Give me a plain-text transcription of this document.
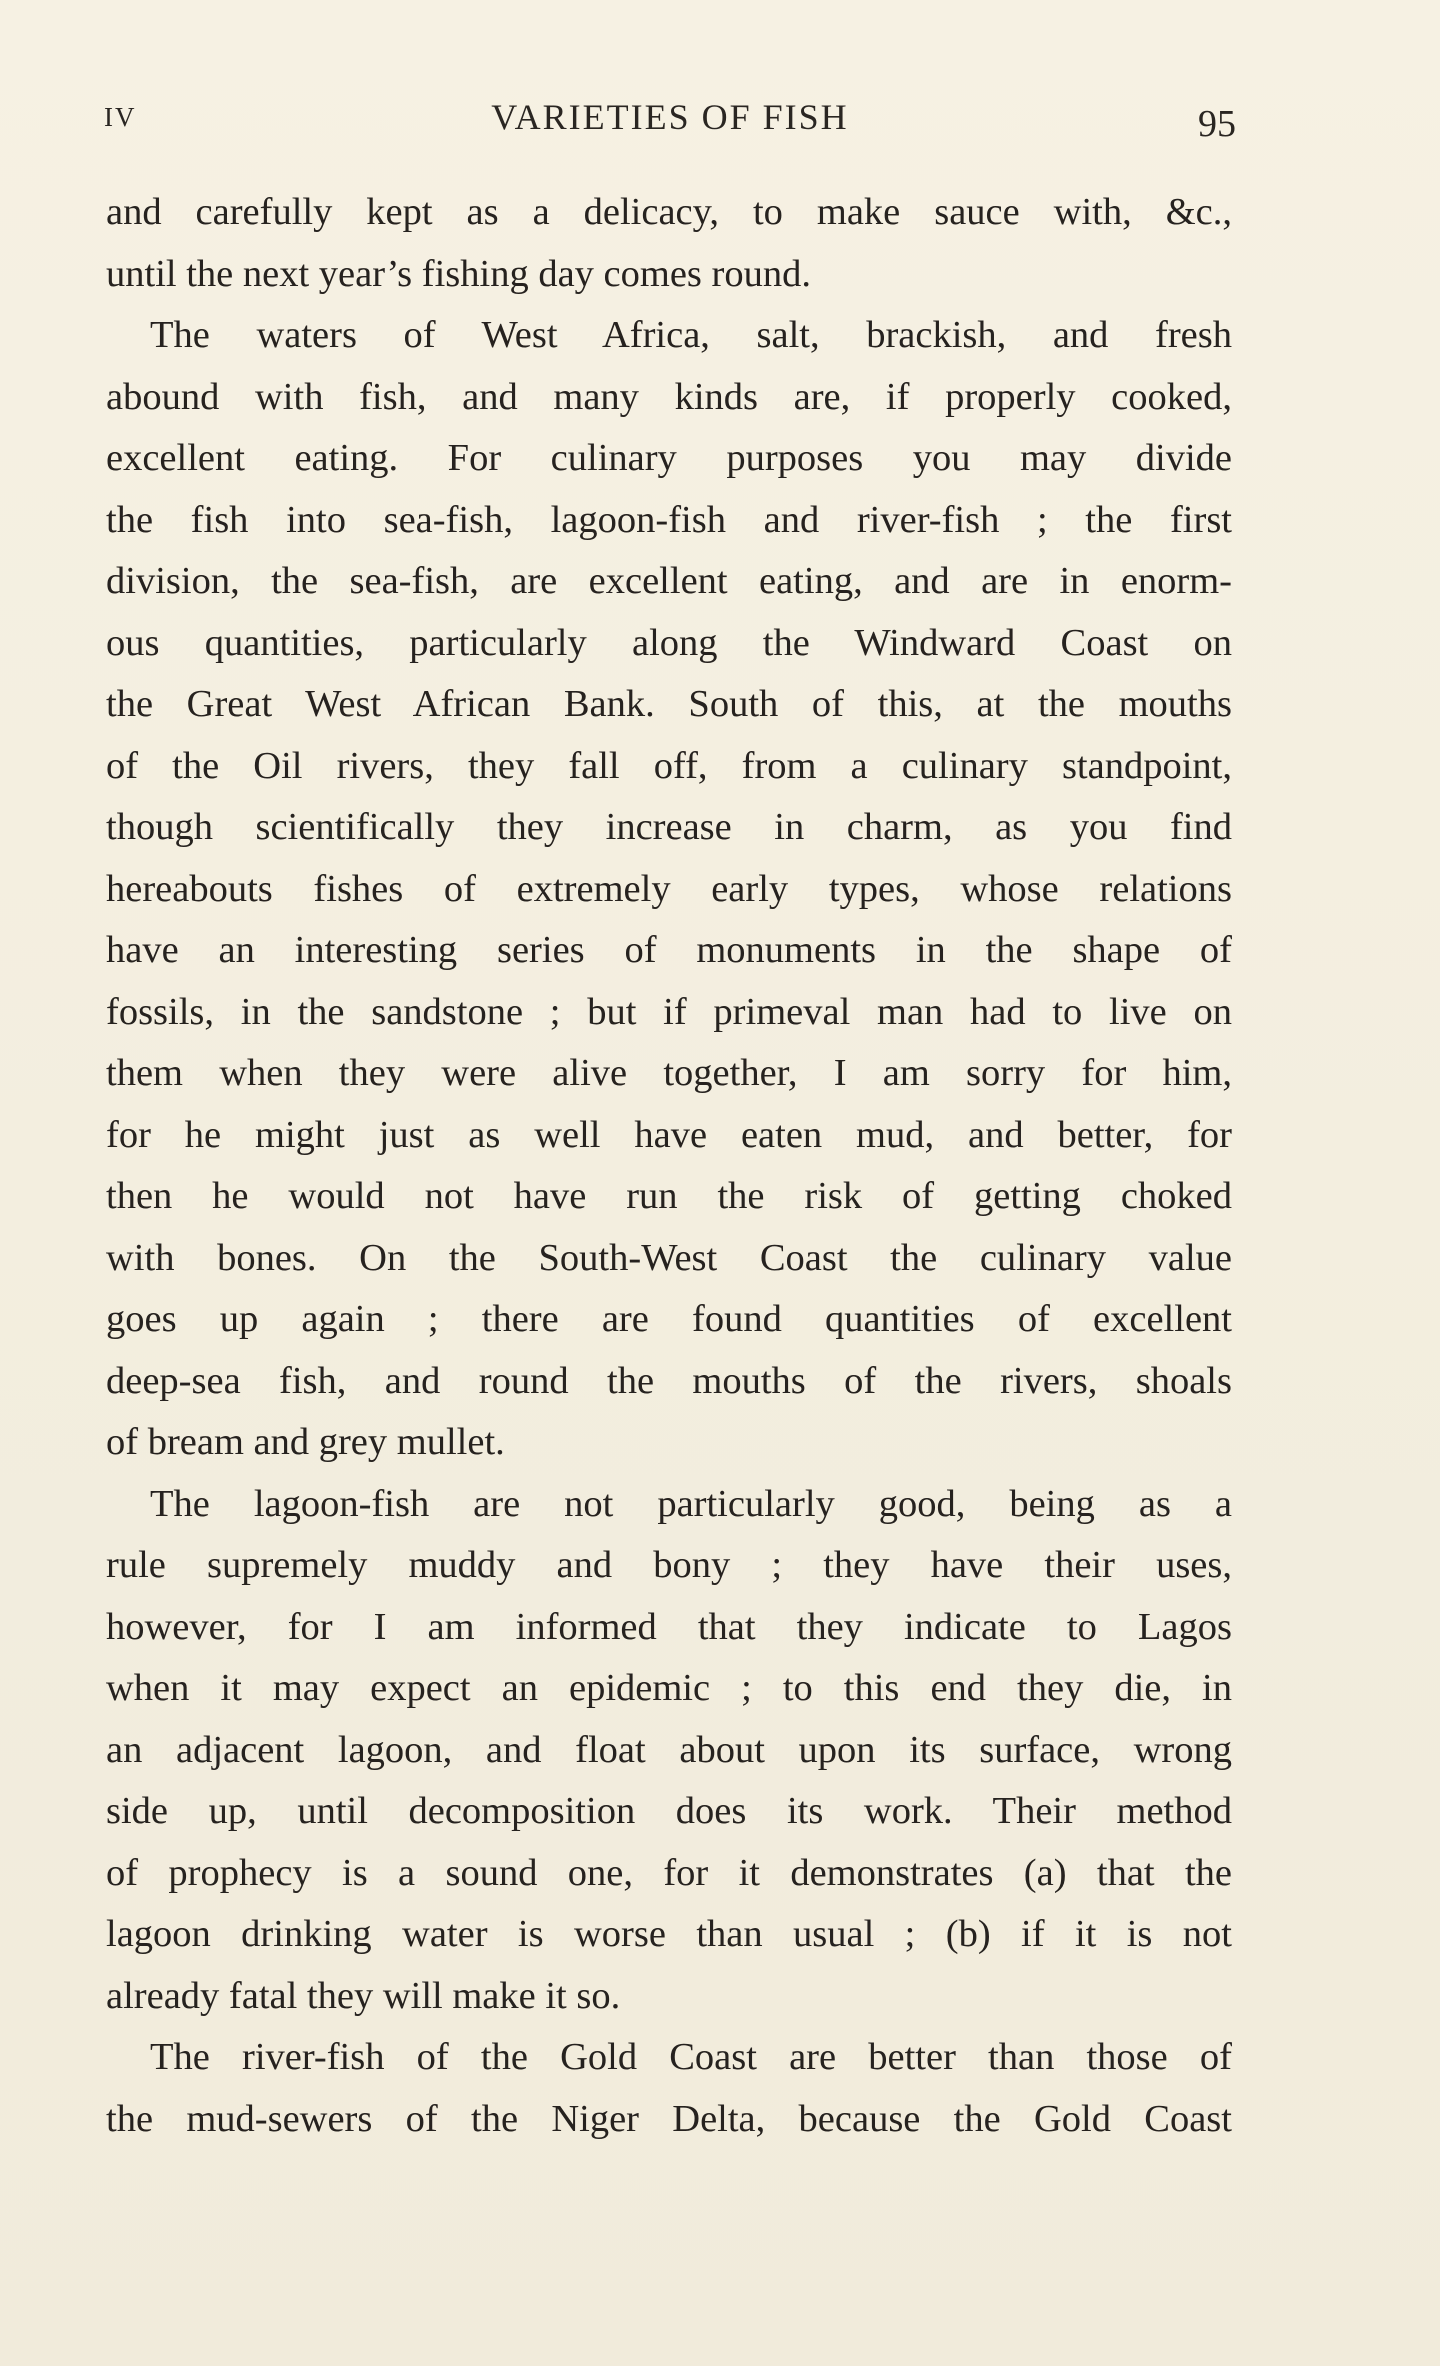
IV	VARIETIES OF FISH	95
and carefully kept as a delicacy, to make sauce with, &c.,
until the next year’s fishing day comes round.
The waters of West Africa, salt, brackish, and fresh
abound with fish, and many kinds are, if properly cooked,
excellent eating. For culinary purposes you may divide
the fish into sea-fish, lagoon-fish and river-fish ; the first
division, the sea-fish, are excellent eating, and are in enorm-
ous quantities, particularly along the Windward Coast on
the Great West African Bank. South of this, at the mouths
of the Oil rivers, they fall off, from a culinary standpoint,
though scientifically they increase in charm, as you find
hereabouts fishes of extremely early types, whose relations
have an interesting series of monuments in the shape of
fossils, in the sandstone ; but if primeval man had to live on
them when they were alive together, I am sorry for him,
for he might just as well have eaten mud, and better, for
then he would not have run the risk of getting choked
with bones. On the South-West Coast the culinary value
goes up again ; there are found quantities of excellent
deep-sea fish, and round the mouths of the rivers, shoals
of bream and grey mullet.
The lagoon-fish are not particularly good, being as a
rule supremely muddy and bony ; they have their uses,
however, for I am informed that they indicate to Lagos
when it may expect an epidemic ; to this end they die, in
an adjacent lagoon, and float about upon its surface, wrong
side up, until decomposition does its work. Their method
of prophecy is a sound one, for it demonstrates (a) that the
lagoon drinking water is worse than usual ; (b) if it is not
already fatal they will make it so.
The river-fish of the Gold Coast are better than those of
the mud-sewers of the Niger Delta, because the Gold Coast
